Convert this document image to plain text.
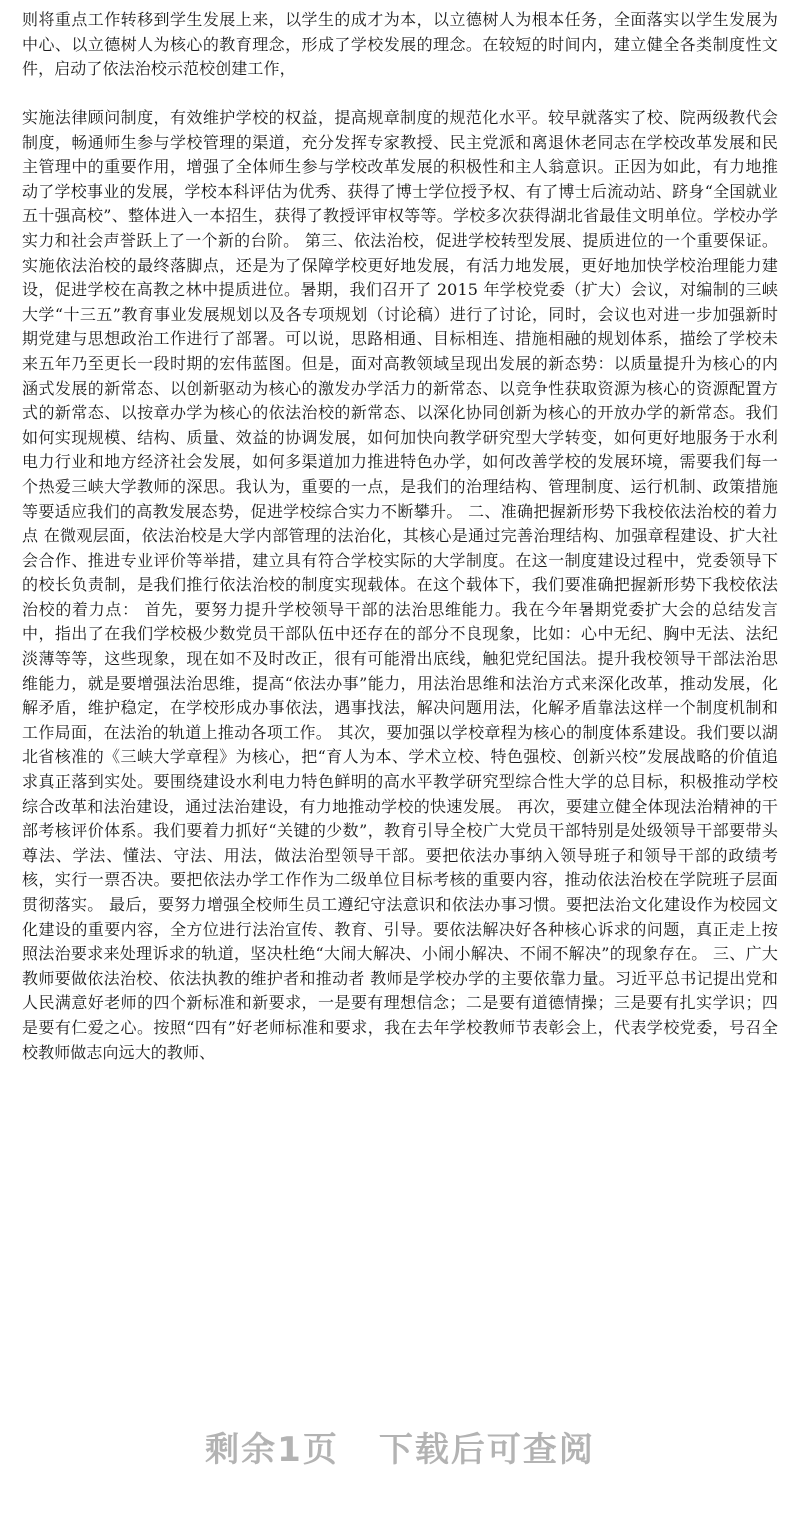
则将重点工作转移到学生发展上来，以学生的成才为本，以立德树人为根本任务，全面落实以学生发展为中心、以立德树人为核心的教育理念，形成了学校发展的理念。在较短的时间内，建立健全各类制度性文件，启动了依法治校示范校创建工作，

实施法律顾问制度，有效维护学校的权益，提高规章制度的规范化水平。较早就落实了校、院两级教代会制度，畅通师生参与学校管理的渠道，充分发挥专家教授、民主党派和离退休老同志在学校改革发展和民主管理中的重要作用，增强了全体师生参与学校改革发展的积极性和主人翁意识。正因为如此，有力地推动了学校事业的发展，学校本科评估为优秀、获得了博士学位授予权、有了博士后流动站、跻身“全国就业五十强高校”、整体进入一本招生，获得了教授评审权等等。学校多次获得湖北省最佳文明单位。学校办学实力和社会声誉跃上了一个新的台阶。 第三、依法治校，促进学校转型发展、提质进位的一个重要保证。实施依法治校的最终落脚点，还是为了保障学校更好地发展，有活力地发展，更好地加快学校治理能力建设，促进学校在高教之林中提质进位。暑期，我们召开了 2015 年学校党委（扩大）会议，对编制的三峡大学“十三五”教育事业发展规划以及各专项规划（讨论稿）进行了讨论，同时，会议也对进一步加强新时期党建与思想政治工作进行了部署。可以说，思路相通、目标相连、措施相融的规划体系，描绘了学校未来五年乃至更长一段时期的宏伟蓝图。但是，面对高教领域呈现出发展的新态势：以质量提升为核心的内涵式发展的新常态、以创新驱动为核心的激发办学活力的新常态、以竞争性获取资源为核心的资源配置方式的新常态、以按章办学为核心的依法治校的新常态、以深化协同创新为核心的开放办学的新常态。我们如何实现规模、结构、质量、效益的协调发展，如何加快向教学研究型大学转变，如何更好地服务于水利电力行业和地方经济社会发展，如何多渠道加力推进特色办学，如何改善学校的发展环境，需要我们每一个热爱三峡大学教师的深思。我认为，重要的一点，是我们的治理结构、管理制度、运行机制、政策措施等要适应我们的高教发展态势，促进学校综合实力不断攀升。 二、准确把握新形势下我校依法治校的着力点 在微观层面，依法治校是大学内部管理的法治化，其核心是通过完善治理结构、加强章程建设、扩大社会合作、推进专业评价等举措，建立具有符合学校实际的大学制度。在这一制度建设过程中，党委领导下的校长负责制，是我们推行依法治校的制度实现载体。在这个载体下，我们要准确把握新形势下我校依法治校的着力点： 首先，要努力提升学校领导干部的法治思维能力。我在今年暑期党委扩大会的总结发言中，指出了在我们学校极少数党员干部队伍中还存在的部分不良现象，比如：心中无纪、胸中无法、法纪淡薄等等，这些现象，现在如不及时改正，很有可能滑出底线，触犯党纪国法。提升我校领导干部法治思维能力，就是要增强法治思维，提高“依法办事”能力，用法治思维和法治方式来深化改革，推动发展，化解矛盾，维护稳定，在学校形成办事依法，遇事找法，解决问题用法，化解矛盾靠法这样一个制度机制和工作局面，在法治的轨道上推动各项工作。 其次，要加强以学校章程为核心的制度体系建设。我们要以湖北省核准的《三峡大学章程》为核心，把“育人为本、学术立校、特色强校、创新兴校”发展战略的价值追求真正落到实处。要围绕建设水利电力特色鲜明的高水平教学研究型综合性大学的总目标，积极推动学校综合改革和法治建设，通过法治建设，有力地推动学校的快速发展。 再次，要建立健全体现法治精神的干部考核评价体系。我们要着力抓好“关键的少数”，教育引导全校广大党员干部特别是处级领导干部要带头尊法、学法、懂法、守法、用法，做法治型领导干部。要把依法办事纳入领导班子和领导干部的政绩考核，实行一票否决。要把依法办学工作作为二级单位目标考核的重要内容，推动依法治校在学院班子层面贯彻落实。 最后，要努力增强全校师生员工遵纪守法意识和依法办事习惯。要把法治文化建设作为校园文化建设的重要内容，全方位进行法治宣传、教育、引导。要依法解决好各种核心诉求的问题，真正走上按照法治要求来处理诉求的轨道，坚决杜绝“大闹大解决、小闹小解决、不闹不解决”的现象存在。 三、广大教师要做依法治校、依法执教的维护者和推动者 教师是学校办学的主要依靠力量。习近平总书记提出党和人民满意好老师的四个新标准和新要求，一是要有理想信念；二是要有道德情操；三是要有扎实学识；四是要有仁爱之心。按照“四有”好老师标准和要求，我在去年学校教师节表彰会上，代表学校党委，号召全校教师做志向远大的教师、

剩余1页 下载后可查阅
